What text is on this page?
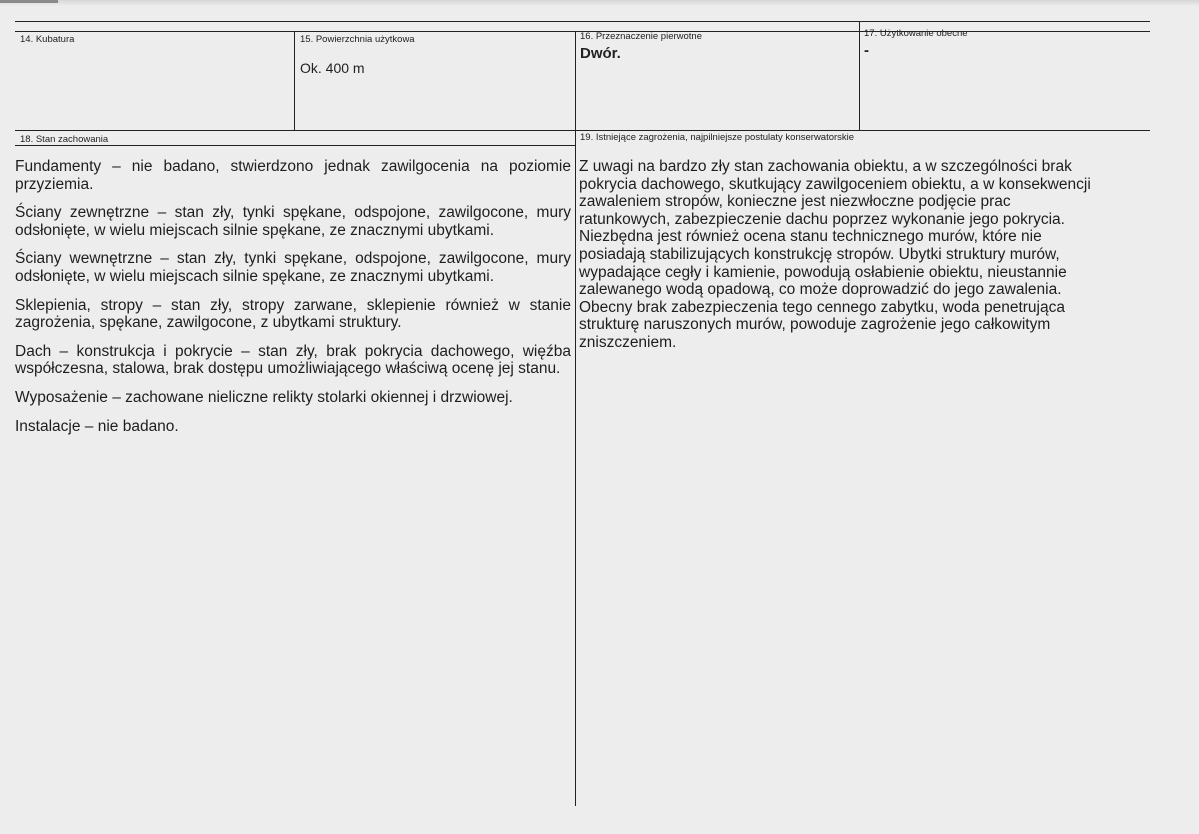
14. Kubatura	15. Powierzchnia użytkowa
Ok. 400 m
16. Przeznaczenie pierwotne
Dwór.
17. Użytkowanie obecne
-
18. Stan zachowania	19. Istniejące zagrożenia, najpilniejsze postulaty konserwatorskie

Fundamenty – nie badano, stwierdzono jednak zawilgocenia na poziomie przyziemia.

Ściany zewnętrzne – stan zły, tynki spękane, odspojone, zawilgocone, mury odsłonięte, w wielu miejscach silnie spękane, ze znacznymi ubytkami.

Ściany wewnętrzne – stan zły, tynki spękane, odspojone, zawilgocone, mury odsłonięte, w wielu miejscach silnie spękane, ze znacznymi ubytkami.

Sklepienia, stropy – stan zły, stropy zarwane, sklepienie również w stanie zagrożenia, spękane, zawilgocone, z ubytkami struktury.

Dach – konstrukcja i pokrycie – stan zły, brak pokrycia dachowego, więźba współczesna, stalowa, brak dostępu umożliwiającego właściwą ocenę jej stanu.

Wyposażenie – zachowane nieliczne relikty stolarki okiennej i drzwiowej.

Instalacje – nie badano.

Z uwagi na bardzo zły stan zachowania obiektu, a w szczególności brak

pokrycia dachowego, skutkujący zawilgoceniem obiektu, a w konsekwencji

zawaleniem stropów, konieczne jest niezwłoczne podjęcie prac

ratunkowych, zabezpieczenie dachu poprzez wykonanie jego pokrycia.

Niezbędna jest również ocena stanu technicznego murów, które nie

posiadają stabilizujących konstrukcję stropów. Ubytki struktury murów,

wypadające cegły i kamienie, powodują osłabienie obiektu, nieustannie

zalewanego wodą opadową, co może doprowadzić do jego zawalenia.

Obecny brak zabezpieczenia tego cennego zabytku, woda penetrująca

strukturę naruszonych murów, powoduje zagrożenie jego całkowitym

zniszczeniem.
